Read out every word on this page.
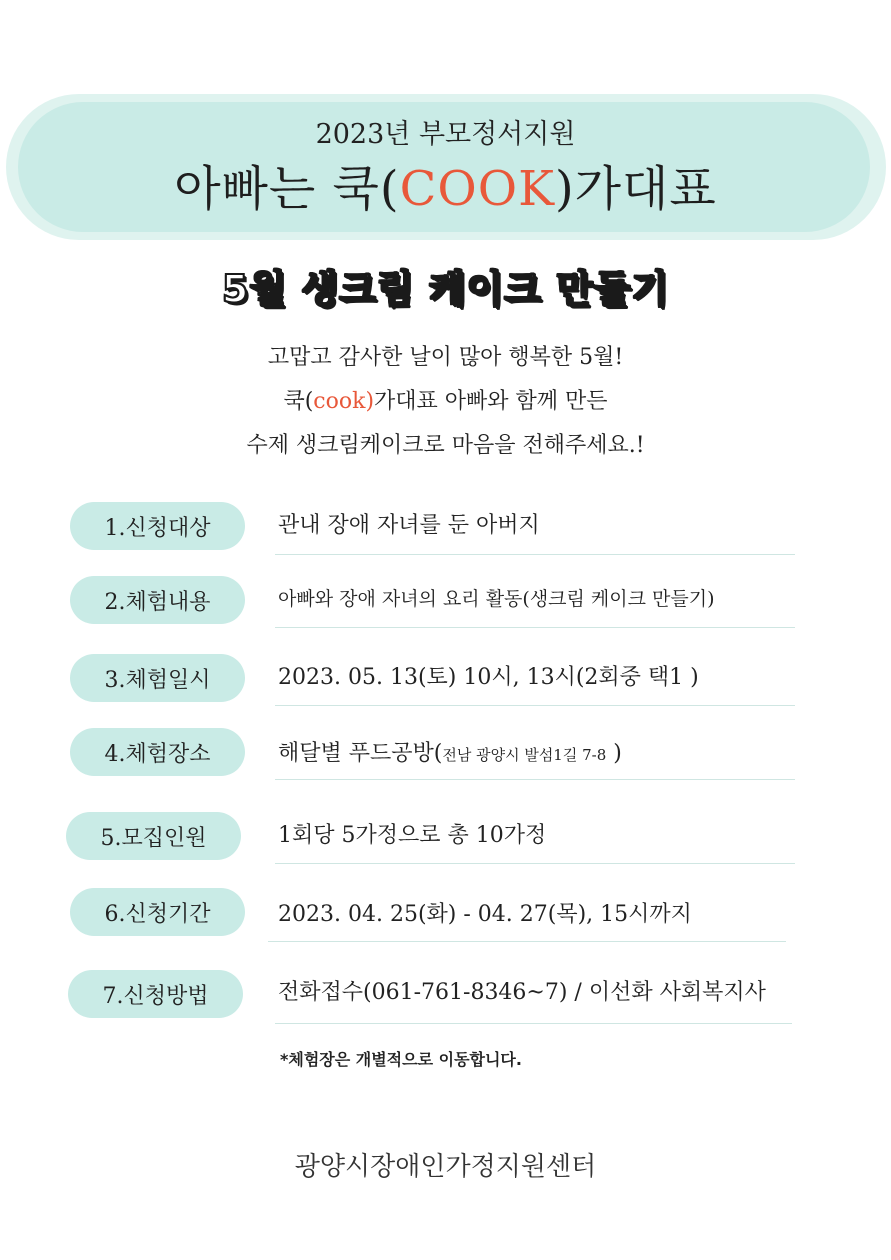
2023년 부모정서지원
아빠는 쿡(COOK)가대표
5월 생크림 케이크 만들기
고맙고 감사한 날이 많아 행복한 5월!
쿡(cook)가대표 아빠와 함께 만든
수제 생크림케이크로 마음을 전해주세요.!
1.신청대상	관내 장애 자녀를 둔 아버지
2.체험내용	아빠와 장애 자녀의 요리 활동(생크림 케이크 만들기)
3.체험일시	2023. 05. 13(토) 10시, 13시(2회중 택1 )
4.체험장소	해달별 푸드공방(전남 광양시 발섬1길 7-8 )
5.모집인원	1회당 5가정으로 총 10가정
6.신청기간	2023. 04. 25(화) - 04. 27(목), 15시까지
7.신청방법	전화접수(061-761-8346~7) / 이선화 사회복지사
*체험장은 개별적으로 이동합니다.
광양시장애인가정지원센터
